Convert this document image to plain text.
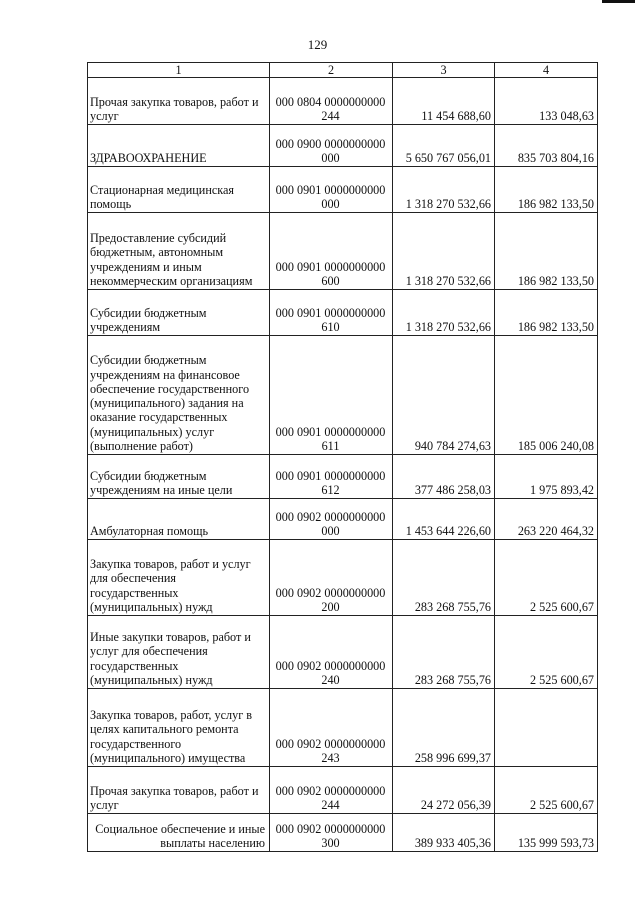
129
1	2	3	4
Прочая закупка товаров, работ и услуг	000 0804 0000000000 244	11 454 688,60	133 048,63
ЗДРАВООХРАНЕНИЕ	000 0900 0000000000 000	5 650 767 056,01	835 703 804,16
Стационарная медицинская помощь	000 0901 0000000000 000	1 318 270 532,66	186 982 133,50
Предоставление субсидий бюджетным, автономным учреждениям и иным некоммерческим организациям	000 0901 0000000000 600	1 318 270 532,66	186 982 133,50
Субсидии бюджетным учреждениям	000 0901 0000000000 610	1 318 270 532,66	186 982 133,50
Субсидии бюджетным учреждениям на финансовое обеспечение государственного (муниципального) задания на оказание государственных (муниципальных) услуг (выполнение работ)	000 0901 0000000000 611	940 784 274,63	185 006 240,08
Субсидии бюджетным учреждениям на иные цели	000 0901 0000000000 612	377 486 258,03	1 975 893,42
Амбулаторная помощь	000 0902 0000000000 000	1 453 644 226,60	263 220 464,32
Закупка товаров, работ и услуг для обеспечения государственных (муниципальных) нужд	000 0902 0000000000 200	283 268 755,76	2 525 600,67
Иные закупки товаров, работ и услуг для обеспечения государственных (муниципальных) нужд	000 0902 0000000000 240	283 268 755,76	2 525 600,67
Закупка товаров, работ, услуг в целях капитального ремонта государственного (муниципального) имущества	000 0902 0000000000 243	258 996 699,37	
Прочая закупка товаров, работ и услуг	000 0902 0000000000 244	24 272 056,39	2 525 600,67
Социальное обеспечение и иные выплаты населению	000 0902 0000000000 300	389 933 405,36	135 999 593,73
